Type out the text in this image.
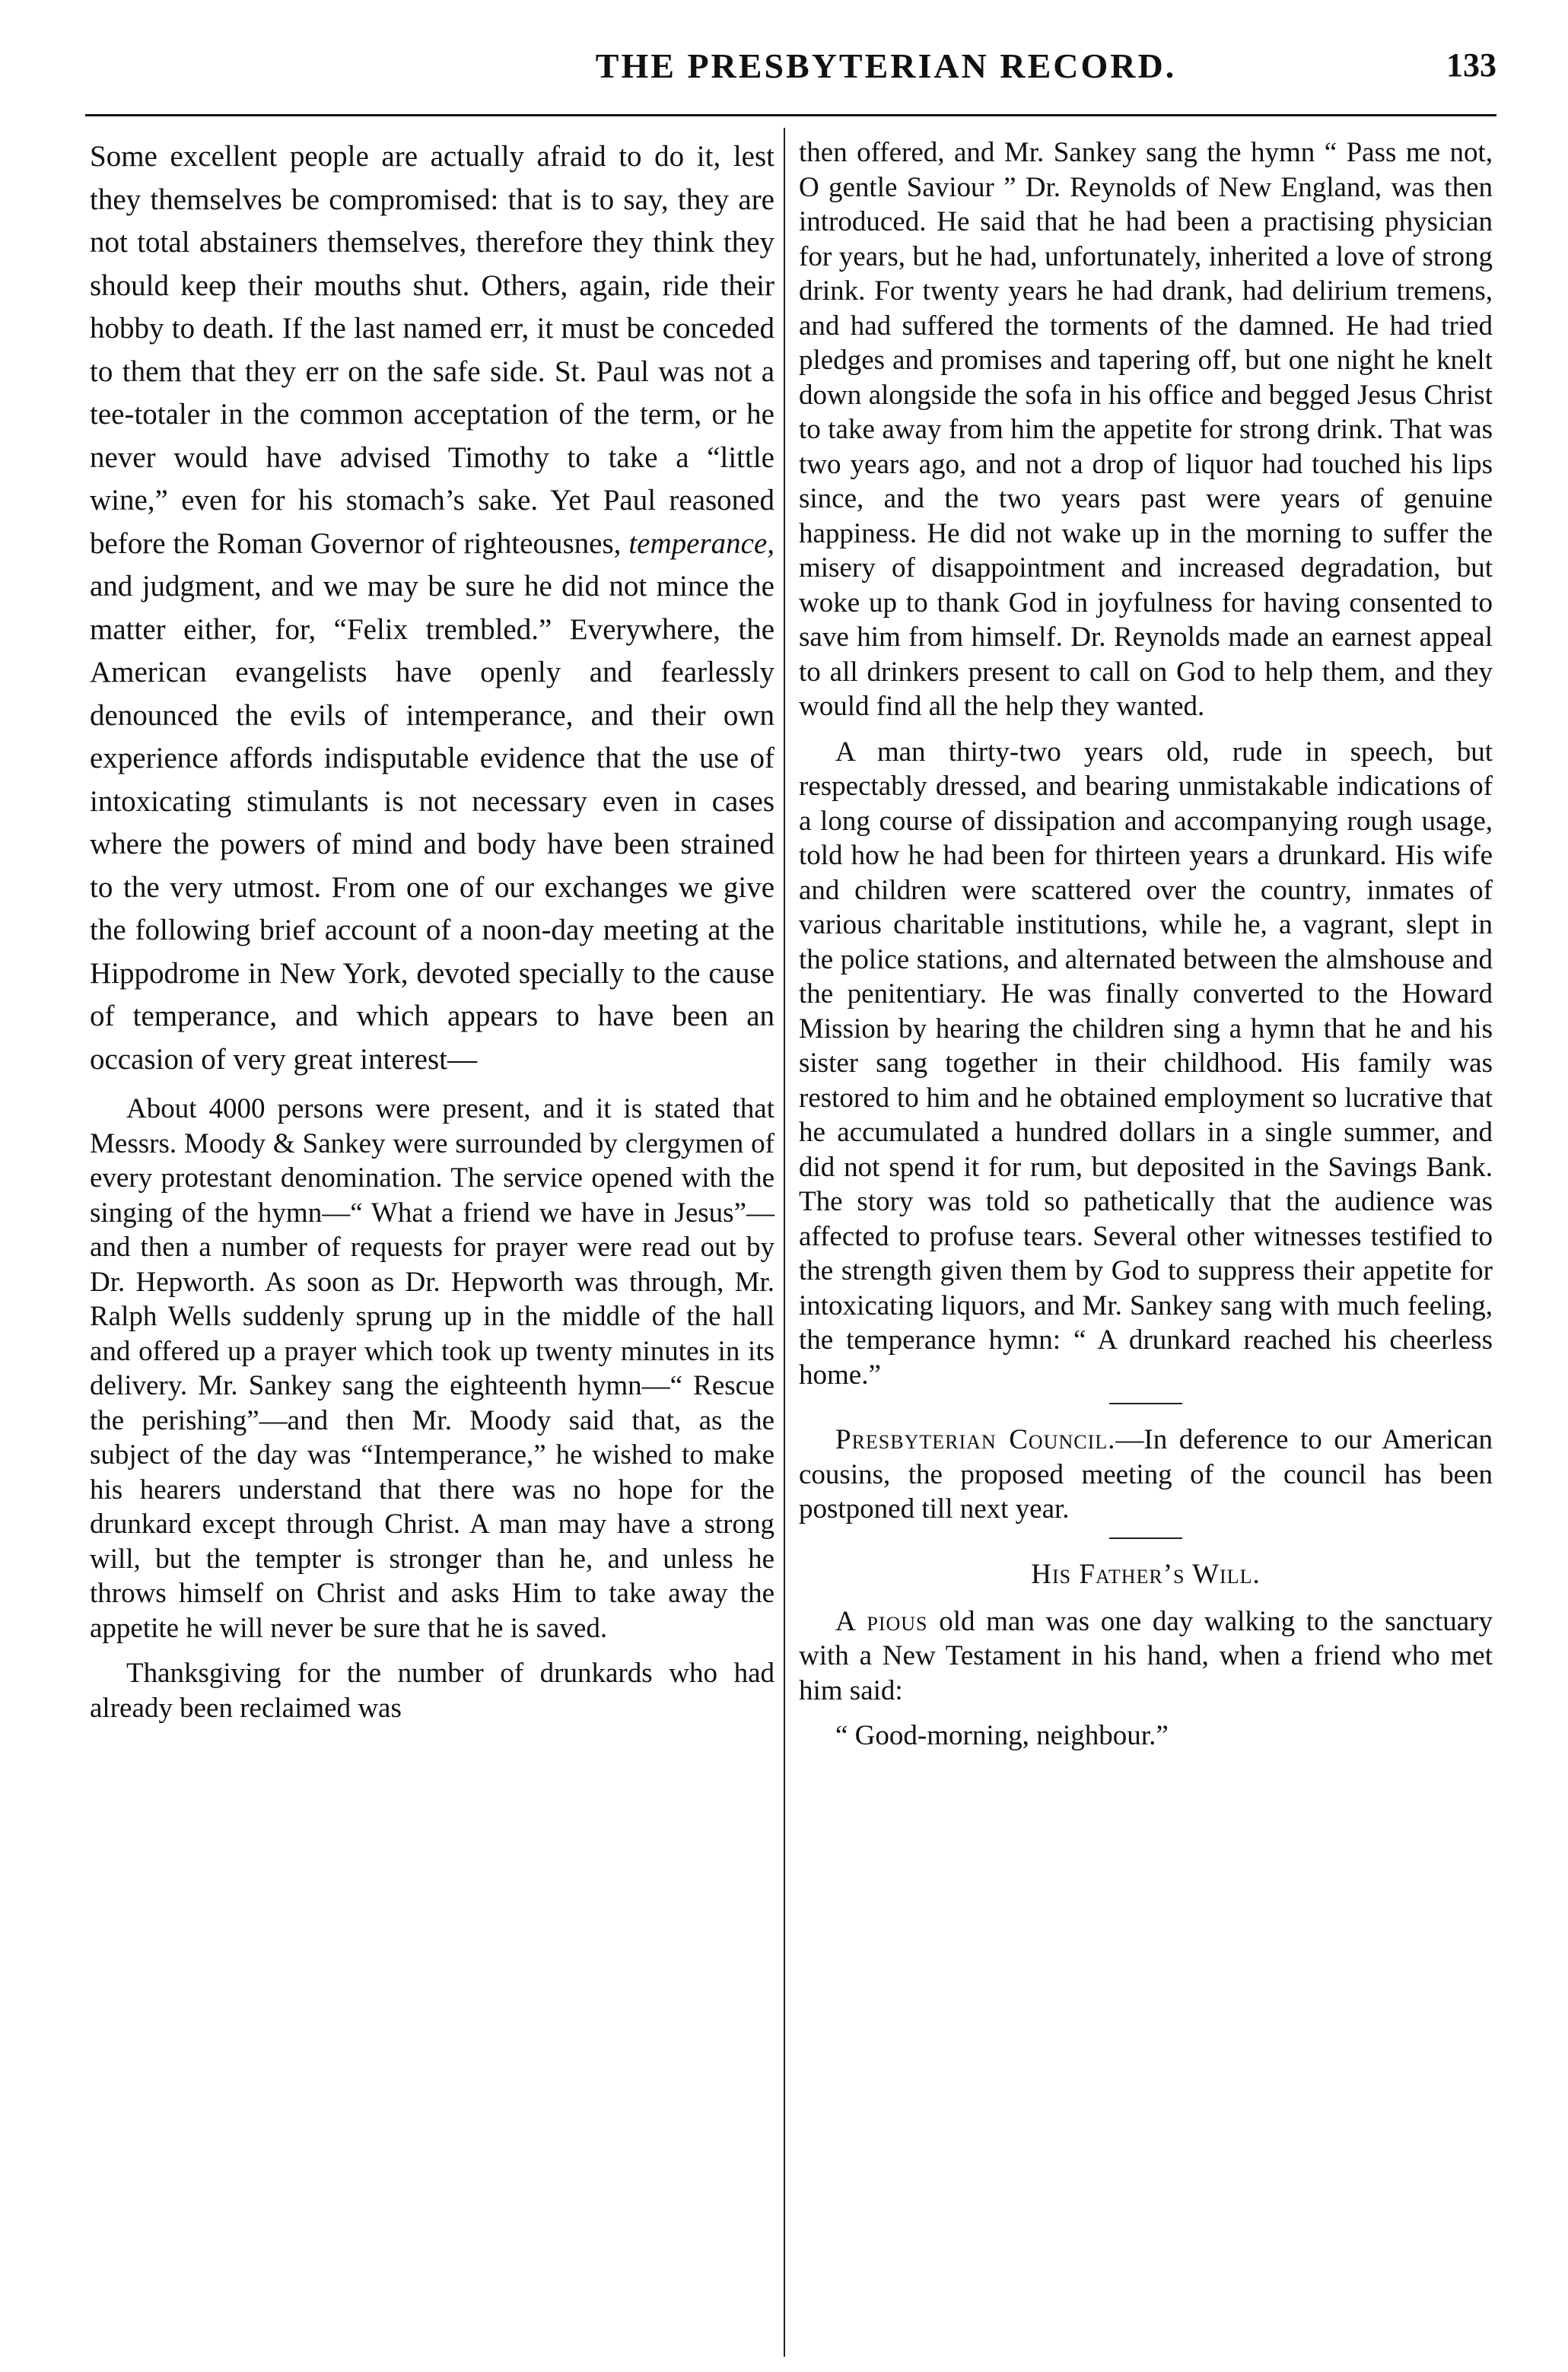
THE PRESBYTERIAN RECORD.	133

Some excellent people are actually afraid to do it, lest they themselves be compromised: that is to say, they are not total abstainers themselves, therefore they think they should keep their mouths shut. Others, again, ride their hobby to death. If the last named err, it must be conceded to them that they err on the safe side. St. Paul was not a tee-totaler in the common acceptation of the term, or he never would have advised Timothy to take a “little wine,” even for his stomach’s sake. Yet Paul reasoned before the Roman Governor of righteousnes, temperance, and judgment, and we may be sure he did not mince the matter either, for, “Felix trembled.” Everywhere, the American evangelists have openly and fearlessly denounced the evils of intemperance, and their own experience affords indisputable evidence that the use of intoxicating stimulants is not necessary even in cases where the powers of mind and body have been strained to the very utmost. From one of our exchanges we give the following brief account of a noon-day meeting at the Hippodrome in New York, devoted specially to the cause of temperance, and which appears to have been an occasion of very great interest—

About 4000 persons were present, and it is stated that Messrs. Moody & Sankey were surrounded by clergymen of every protestant denomination. The service opened with the singing of the hymn—“ What a friend we have in Jesus”—and then a number of requests for prayer were read out by Dr. Hepworth. As soon as Dr. Hepworth was through, Mr. Ralph Wells suddenly sprung up in the middle of the hall and offered up a prayer which took up twenty minutes in its delivery. Mr. Sankey sang the eighteenth hymn—“ Rescue the perishing”—and then Mr. Moody said that, as the subject of the day was “Intemperance,” he wished to make his hearers understand that there was no hope for the drunkard except through Christ. A man may have a strong will, but the tempter is stronger than he, and unless he throws himself on Christ and asks Him to take away the appetite he will never be sure that he is saved.

Thanksgiving for the number of drunkards who had already been reclaimed was

then offered, and Mr. Sankey sang the hymn “ Pass me not, O gentle Saviour ” Dr. Reynolds of New England, was then introduced. He said that he had been a practising physician for years, but he had, unfortunately, inherited a love of strong drink. For twenty years he had drank, had delirium tremens, and had suffered the torments of the damned. He had tried pledges and promises and tapering off, but one night he knelt down alongside the sofa in his office and begged Jesus Christ to take away from him the appetite for strong drink. That was two years ago, and not a drop of liquor had touched his lips since, and the two years past were years of genuine happiness. He did not wake up in the morning to suffer the misery of disappointment and increased degradation, but woke up to thank God in joyfulness for having consented to save him from himself. Dr. Reynolds made an earnest appeal to all drinkers present to call on God to help them, and they would find all the help they wanted.

A man thirty-two years old, rude in speech, but respectably dressed, and bearing unmistakable indications of a long course of dissipation and accompanying rough usage, told how he had been for thirteen years a drunkard. His wife and children were scattered over the country, inmates of various charitable institutions, while he, a vagrant, slept in the police stations, and alternated between the almshouse and the penitentiary. He was finally converted to the Howard Mission by hearing the children sing a hymn that he and his sister sang together in their childhood. His family was restored to him and he obtained employment so lucrative that he accumulated a hundred dollars in a single summer, and did not spend it for rum, but deposited in the Savings Bank. The story was told so pathetically that the audience was affected to profuse tears. Several other witnesses testified to the strength given them by God to suppress their appetite for intoxicating liquors, and Mr. Sankey sang with much feeling, the temperance hymn: “ A drunkard reached his cheerless home.”

Presbyterian Council.—In deference to our American cousins, the proposed meeting of the council has been postponed till next year.

His Father’s Will.

A pious old man was one day walking to the sanctuary with a New Testament in his hand, when a friend who met him said:

“ Good-morning, neighbour.”
